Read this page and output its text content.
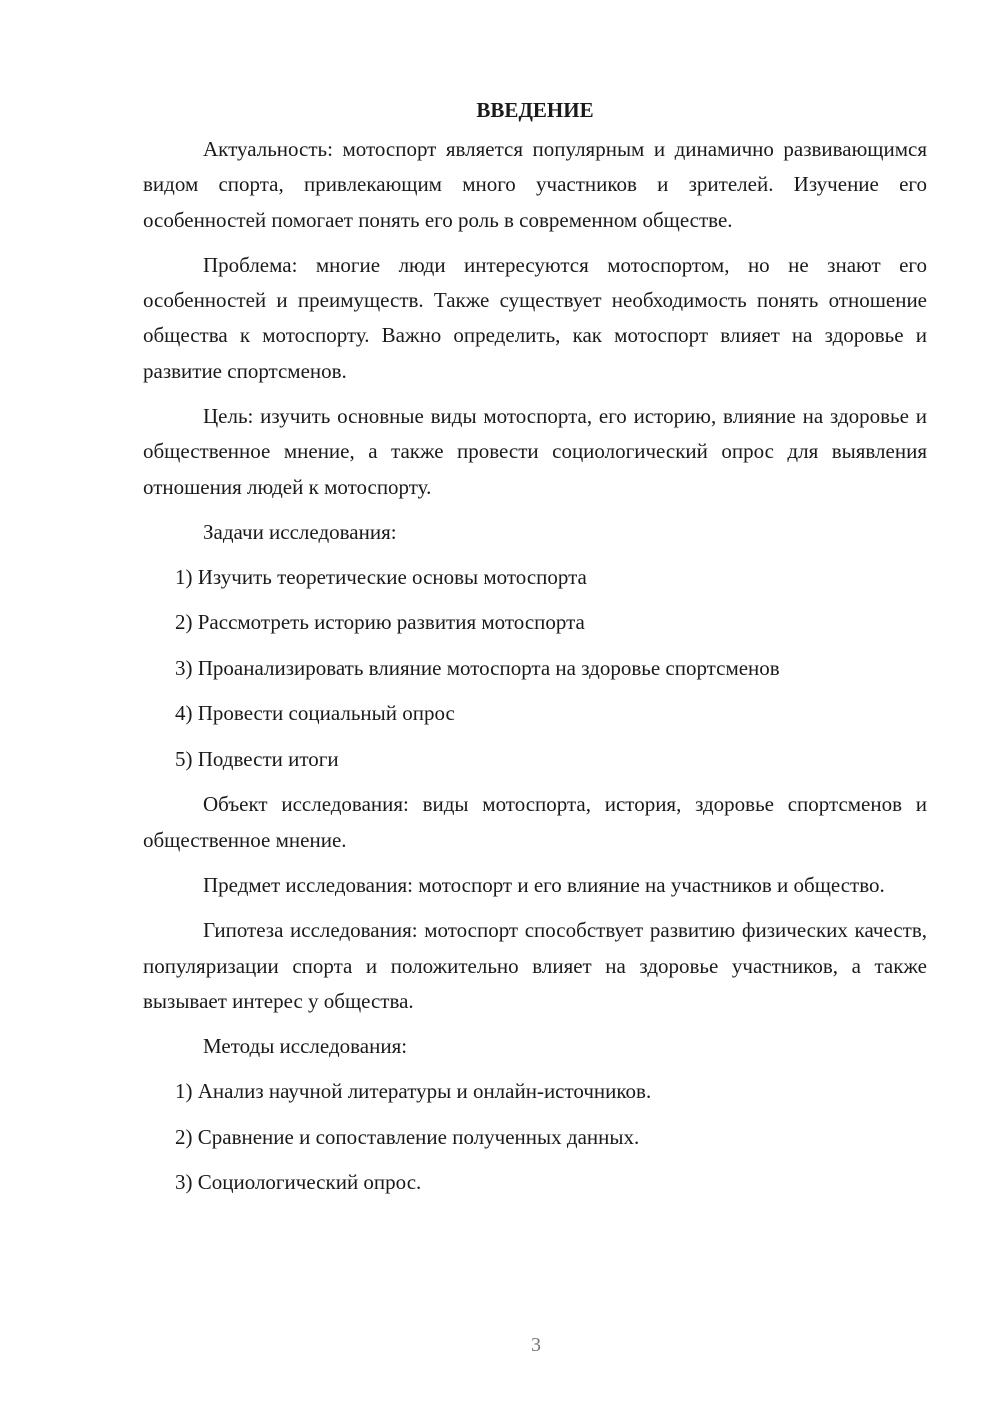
ВВЕДЕНИЕ

Актуальность: мотоспорт является популярным и динамично развивающимся видом спорта, привлекающим много участников и зрителей. Изучение его особенностей помогает понять его роль в современном обществе.

Проблема: многие люди интересуются мотоспортом, но не знают его особенностей и преимуществ. Также существует необходимость понять отношение общества к мотоспорту. Важно определить, как мотоспорт влияет на здоровье и развитие спортсменов.

Цель: изучить основные виды мотоспорта, его историю, влияние на здоровье и общественное мнение, а также провести социологический опрос для выявления отношения людей к мотоспорту.

Задачи исследования:

1) Изучить теоретические основы мотоспорта
2) Рассмотреть историю развития мотоспорта
3) Проанализировать влияние мотоспорта на здоровье спортсменов
4) Провести социальный опрос
5) Подвести итоги

Объект исследования: виды мотоспорта, история, здоровье спортсменов и общественное мнение.

Предмет исследования: мотоспорт и его влияние на участников и общество.

Гипотеза исследования: мотоспорт способствует развитию физических качеств, популяризации спорта и положительно влияет на здоровье участников, а также вызывает интерес у общества.

Методы исследования:

1) Анализ научной литературы и онлайн-источников.
2) Сравнение и сопоставление полученных данных.
3) Социологический опрос.
3
